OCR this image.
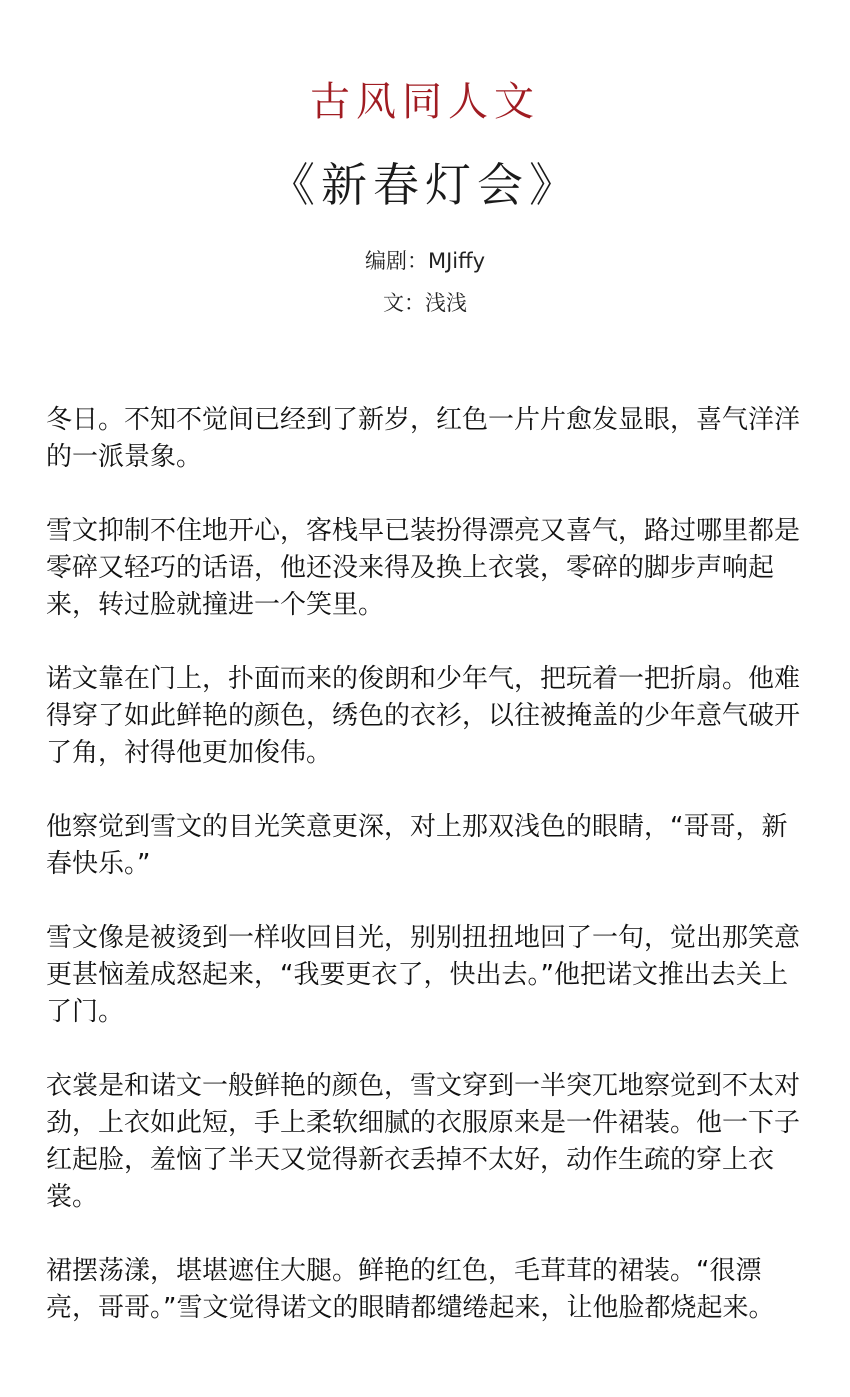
古风同人文
《新春灯会》
编剧：MJiffy
文：浅浅

冬日。不知不觉间已经到了新岁，红色一片片愈发显眼，喜气洋洋的一派景象。

雪文抑制不住地开心，客栈早已装扮得漂亮又喜气，路过哪里都是零碎又轻巧的话语，他还没来得及换上衣裳，零碎的脚步声响起来，转过脸就撞进一个笑里。

诺文靠在门上，扑面而来的俊朗和少年气，把玩着一把折扇。他难得穿了如此鲜艳的颜色，绣色的衣衫，以往被掩盖的少年意气破开了角，衬得他更加俊伟。

他察觉到雪文的目光笑意更深，对上那双浅色的眼睛，“哥哥，新春快乐。”

雪文像是被烫到一样收回目光，别别扭扭地回了一句，觉出那笑意更甚恼羞成怒起来，“我要更衣了，快出去。”他把诺文推出去关上了门。

衣裳是和诺文一般鲜艳的颜色，雪文穿到一半突兀地察觉到不太对劲，上衣如此短，手上柔软细腻的衣服原来是一件裙装。他一下子红起脸，羞恼了半天又觉得新衣丢掉不太好，动作生疏的穿上衣裳。

裙摆荡漾，堪堪遮住大腿。鲜艳的红色，毛茸茸的裙装。“很漂亮，哥哥。”雪文觉得诺文的眼睛都缱绻起来，让他脸都烧起来。
